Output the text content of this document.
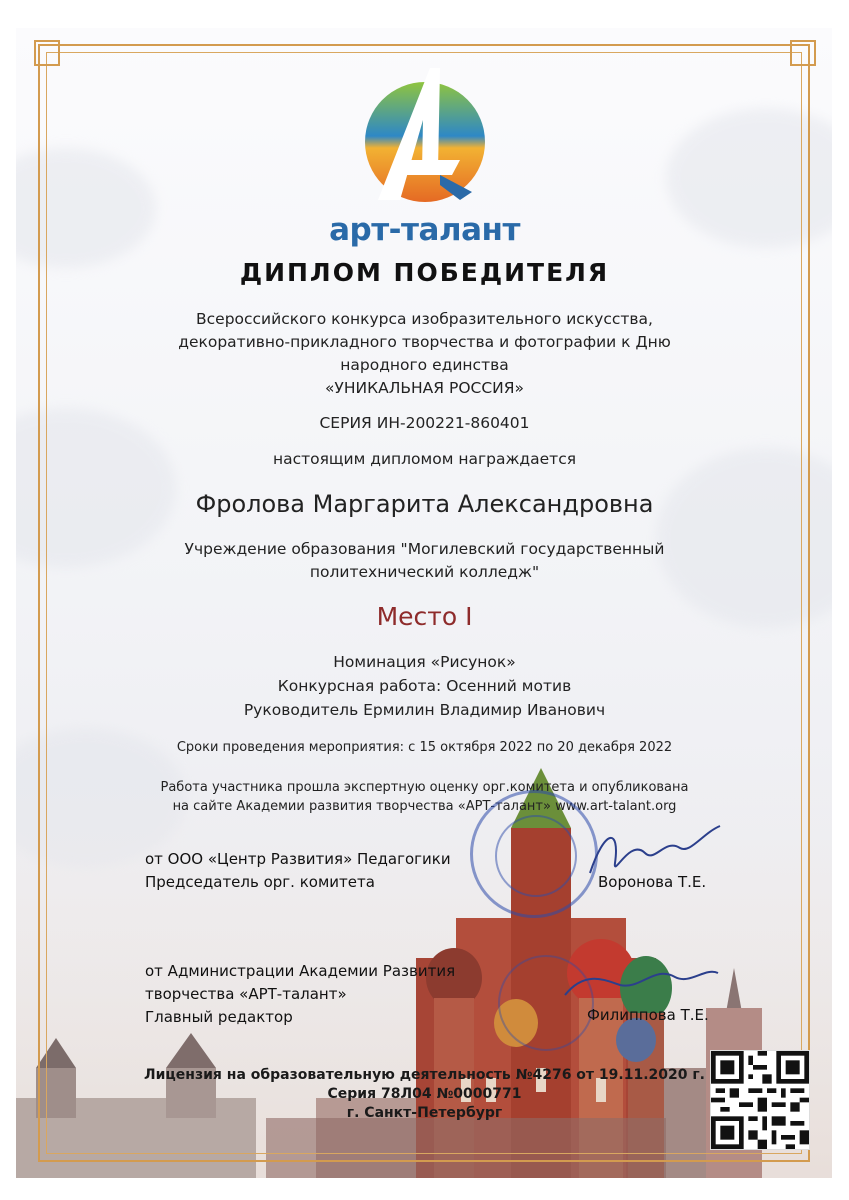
арт-талант
ДИПЛОМ ПОБЕДИТЕЛЯ
Всероссийского конкурса изобразительного искусства,
декоративно-прикладного творчества и фотографии к Дню
народного единства
«УНИКАЛЬНАЯ РОССИЯ»
СЕРИЯ ИН-200221-860401
настоящим дипломом награждается
Фролова Маргарита Александровна
Учреждение образования "Могилевский государственный
политехнический колледж"
Место I
Номинация «Рисунок»
Конкурсная работа: Осенний мотив
Руководитель Ермилин Владимир Иванович
Сроки проведения мероприятия: с 15 октября 2022 по 20 декабря 2022
Работа участника прошла экспертную оценку орг.комитета и опубликована
на сайте Академии развития творчества «АРТ-талант» www.art-talant.org
от ООО «Центр Развития» Педагогики
Председатель орг. комитета	Воронова Т.Е.
от Администрации Академии Развития
творчества «АРТ-талант»
Главный редактор	Филиппова Т.Е.
Лицензия на образовательную деятельность №4276 от 19.11.2020 г.
Серия 78Л04 №0000771
г. Санкт-Петербург
